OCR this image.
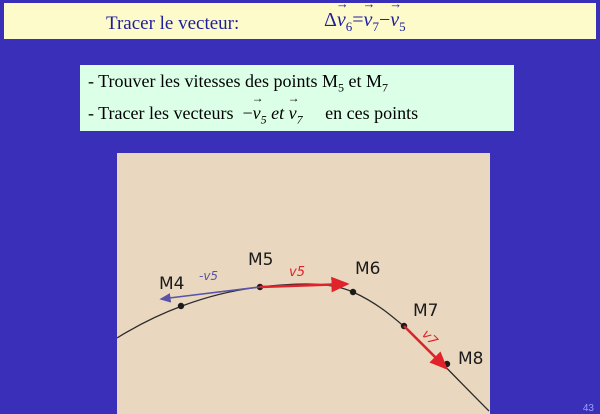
Tracer le vecteur:	$\Delta\to v_6=\to v_7-\to v_5$
- Trouver les vitesses des points $M_5$ et $M_7$
- Tracer les vecteurs  −→ $v_5$ et → $v_7$ en ces points
M4
M5	M6
M7
M8
-v5	v5
v7
43
